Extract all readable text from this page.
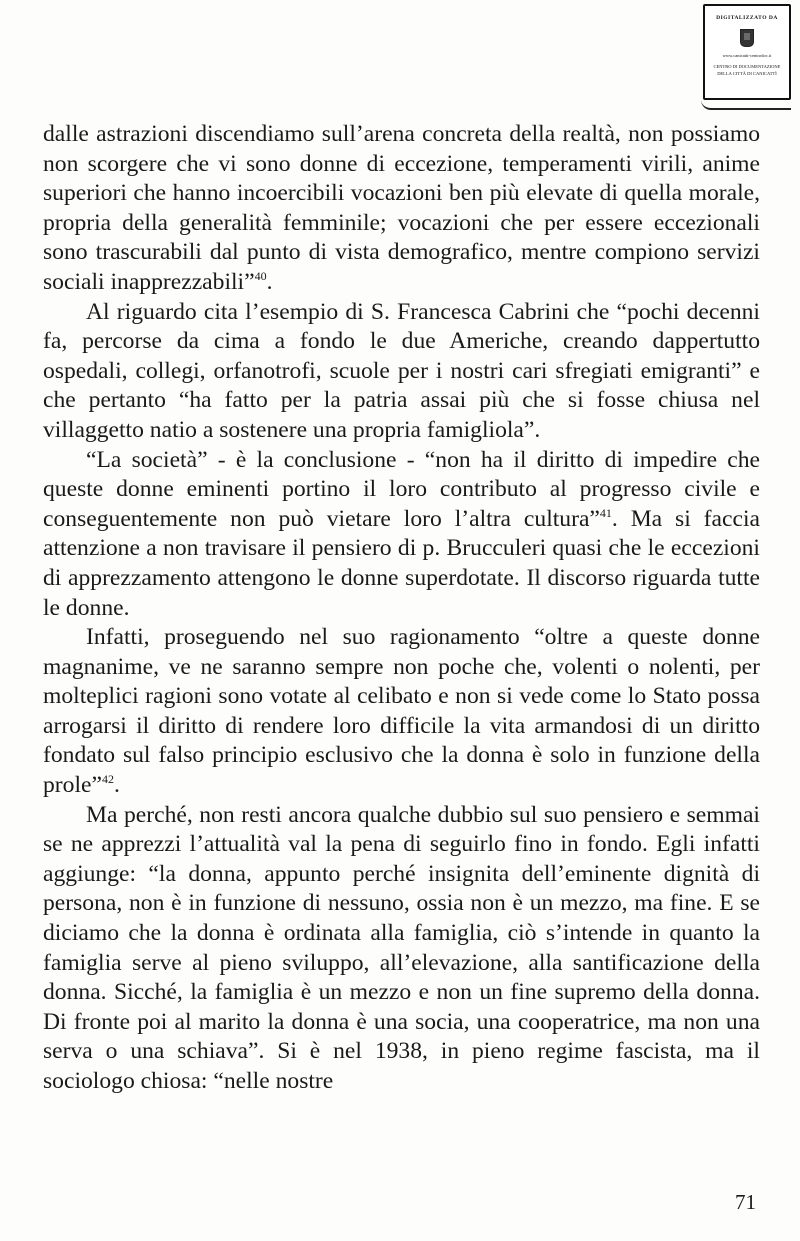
DIGITALIZZATO DA
www.canicatti-centrodoc.it
CENTRO DI DOCUMENTAZIONE
DELLA CITTÀ DI CANICATTÌ

dalle astrazioni discendiamo sull’arena concreta della realtà, non possiamo non scorgere che vi sono donne di eccezione, temperamenti virili, anime superiori che hanno incoercibili vocazioni ben più elevate di quella morale, propria della generalità femminile; vocazioni che per essere eccezionali sono trascurabili dal punto di vista demografico, mentre compiono servizi sociali inapprezzabili”$^{40}$.

Al riguardo cita l’esempio di S. Francesca Cabrini che “pochi decenni fa, percorse da cima a fondo le due Americhe, creando dappertutto ospedali, collegi, orfanotrofi, scuole per i nostri cari sfregiati emigranti” e che pertanto “ha fatto per la patria assai più che si fosse chiusa nel villaggetto natio a sostenere una propria famigliola”.

“La società” - è la conclusione - “non ha il diritto di impedire che queste donne eminenti portino il loro contributo al progresso civile e conseguentemente non può vietare loro l’altra cultura”$^{41}$. Ma si faccia attenzione a non travisare il pensiero di p. Brucculeri quasi che le eccezioni di apprezzamento attengono le donne superdotate. Il discorso riguarda tutte le donne.

Infatti, proseguendo nel suo ragionamento “oltre a queste donne magnanime, ve ne saranno sempre non poche che, volenti o nolenti, per molteplici ragioni sono votate al celibato e non si vede come lo Stato possa arrogarsi il diritto di rendere loro difficile la vita armandosi di un diritto fondato sul falso principio esclusivo che la donna è solo in funzione della prole”$^{42}$.

Ma perché, non resti ancora qualche dubbio sul suo pensiero e semmai se ne apprezzi l’attualità val la pena di seguirlo fino in fondo. Egli infatti aggiunge: “la donna, appunto perché insignita dell’eminente dignità di persona, non è in funzione di nessuno, ossia non è un mezzo, ma fine. E se diciamo che la donna è ordinata alla famiglia, ciò s’intende in quanto la famiglia serve al pieno sviluppo, all’elevazione, alla santificazione della donna. Sicché, la famiglia è un mezzo e non un fine supremo della donna. Di fronte poi al marito la donna è una socia, una cooperatrice, ma non una serva o una schiava”. Si è nel 1938, in pieno regime fascista, ma il sociologo chiosa: “nelle nostre

71
